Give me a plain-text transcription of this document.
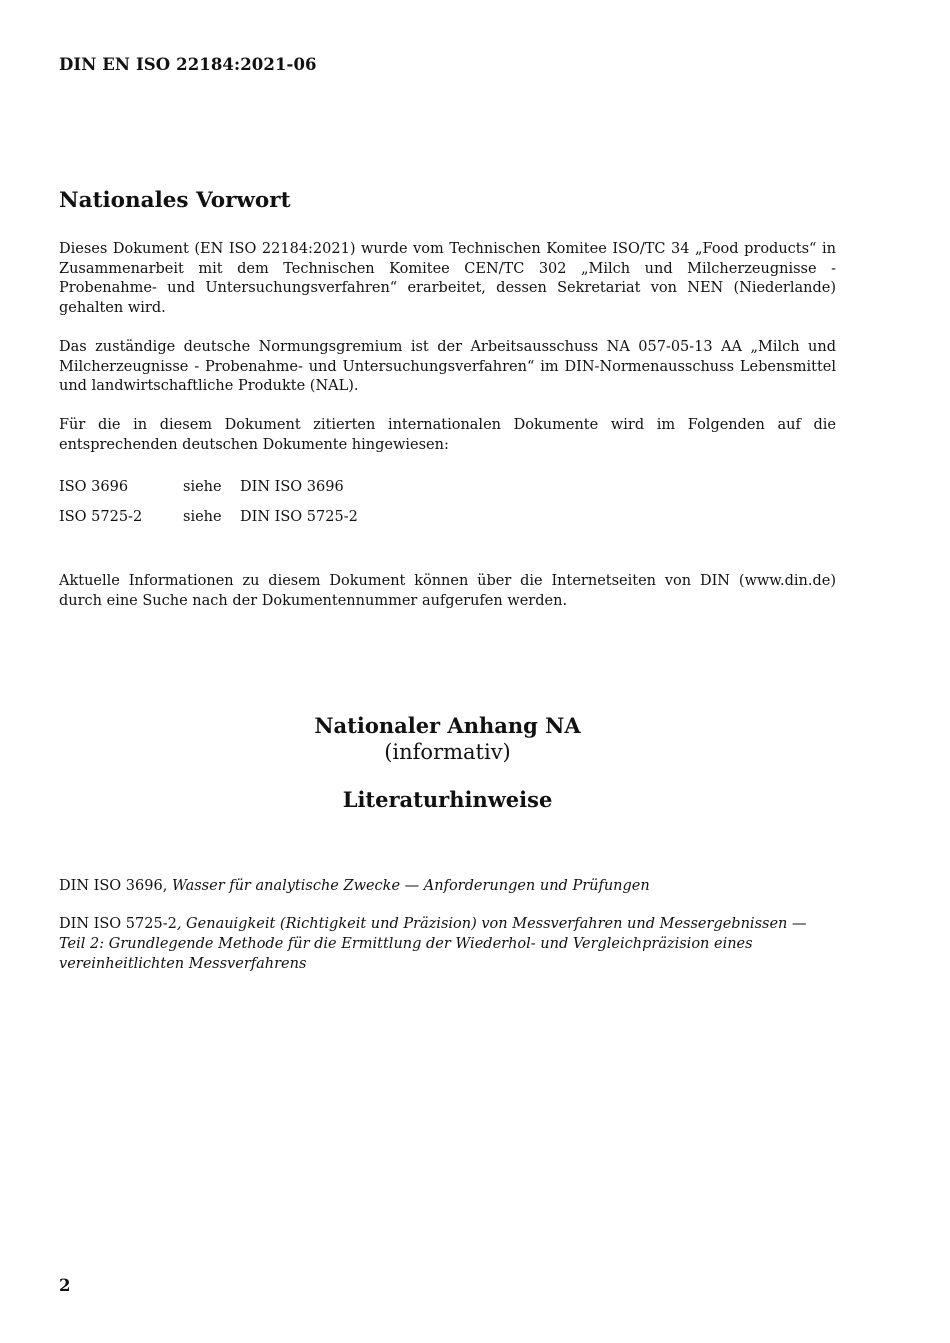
DIN EN ISO 22184:2021-06
Nationales Vorwort

Dieses Dokument (EN ISO 22184:2021) wurde vom Technischen Komitee ISO/TC 34 „Food products“ in Zusammenarbeit mit dem Technischen Komitee CEN/TC 302 „Milch und Milcherzeugnisse - Probenahme- und Untersuchungsverfahren“ erarbeitet, dessen Sekretariat von NEN (Niederlande) gehalten wird.

Das zuständige deutsche Normungsgremium ist der Arbeitsausschuss NA 057-05-13 AA „Milch und Milcherzeugnisse - Probenahme- und Untersuchungsverfahren“ im DIN-Normenausschuss Lebensmittel und landwirtschaftliche Produkte (NAL).

Für die in diesem Dokument zitierten internationalen Dokumente wird im Folgenden auf die entsprechenden deutschen Dokumente hingewiesen:

ISO 3696	siehe DIN ISO 3696
ISO 5725-2	siehe DIN ISO 5725-2

Aktuelle Informationen zu diesem Dokument können über die Internetseiten von DIN (www.din.de) durch eine Suche nach der Dokumentennummer aufgerufen werden.

Nationaler Anhang NA
(informativ)
Literaturhinweise

DIN ISO 3696, Wasser für analytische Zwecke — Anforderungen und Prüfungen

DIN ISO 5725-2, Genauigkeit (Richtigkeit und Präzision) von Messverfahren und Messergebnissen — Teil 2: Grundlegende Methode für die Ermittlung der Wiederhol- und Vergleichpräzision eines vereinheitlichten Messverfahrens

2
